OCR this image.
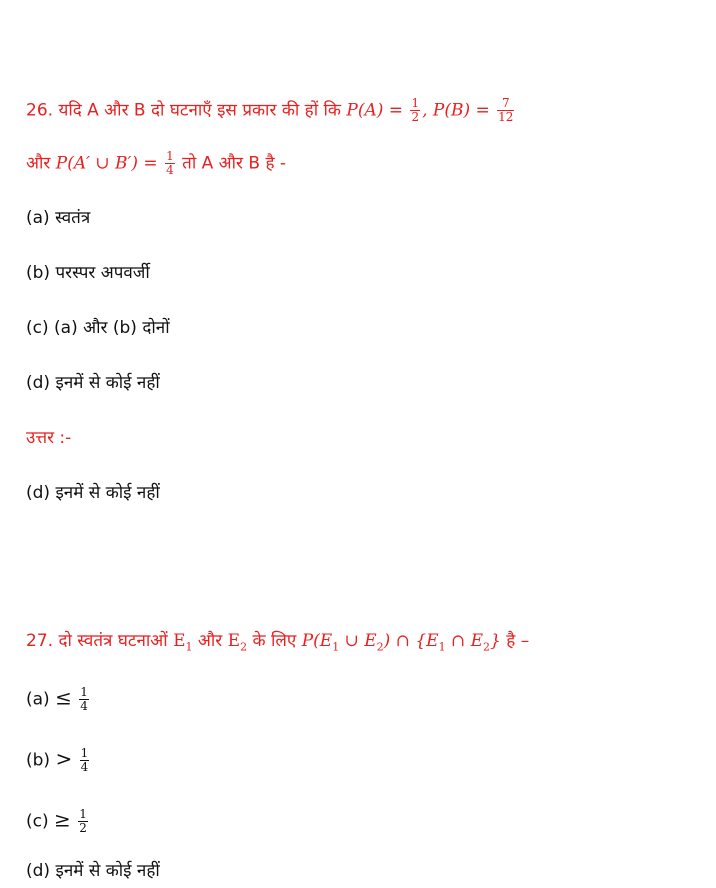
26. यदि A और B दो घटनाएँ इस प्रकार की हों कि $P(A) = \frac{1}{2}$ , $P(B) = \frac{7}{12}$
और P(A′ ∪ $B') = \frac{1}{4}$ तो A और B है -
(a) स्वतंत्र
(b) परस्पर अपवर्जी
(c) (a) और (b) दोनों
(d) इनमें से कोई नहीं
उत्तर :-
(d) इनमें से कोई नहीं
27. दो स्वतंत्र घटनाओं $E_1$ और $E_2$ के लिए $P(E_1$ ∪ $E_2$) ∩ {$E_1$ ∩ $E_2$} है –
$(a) \le \frac{1}{4}$
$(b) > \frac{1}{4}$
$(c) \ge \frac{1}{2}$
(d) इनमें से कोई नहीं
